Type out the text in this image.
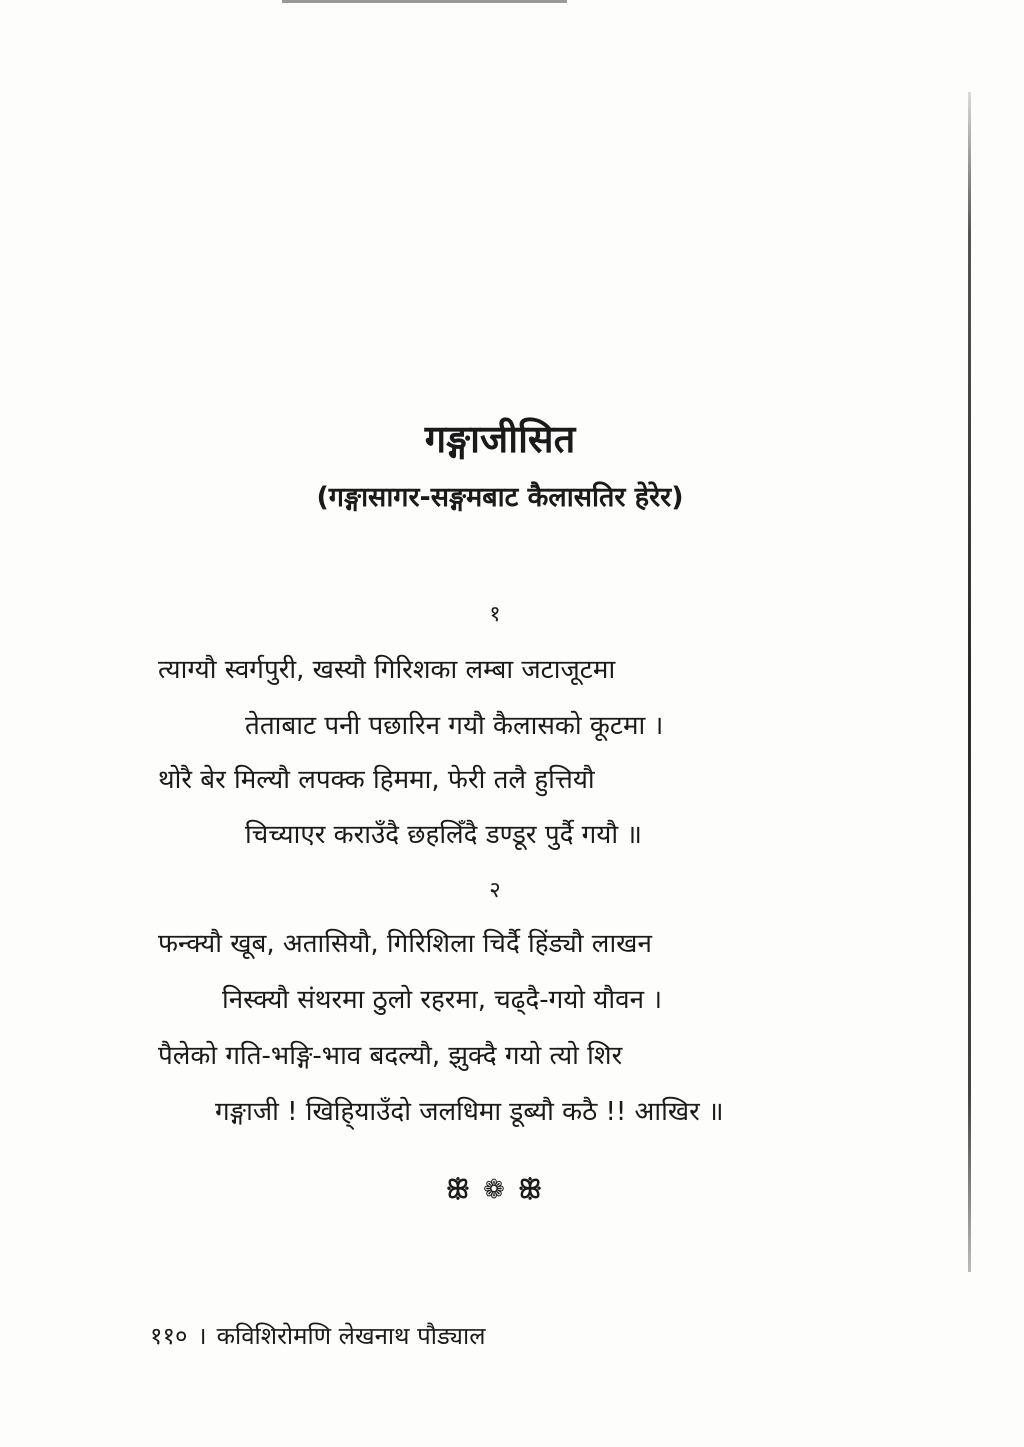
गङ्गाजीसित
(गङ्गासागर-सङ्गमबाट कैलासतिर हेरेर)
१
त्याग्यौ स्वर्गपुरी, खस्यौ गिरिशका लम्बा जटाजूटमा
तेताबाट पनी पछारिन गयौ कैलासको कूटमा ।
थोरै बेर मिल्यौ लपक्क हिममा, फेरी तलै हुत्तियौ
चिच्याएर कराउँदै छहलिँदै डण्डूर पुर्दै गयौ ॥
२
फन्क्यौ खूब, अतासियौ, गिरिशिला चिर्दै हिंड्यौ लाखन
निस्क्यौ संथरमा ठुलो रहरमा, चढ्दै-गयो यौवन ।
पैलेको गति-भङ्गि-भाव बदल्यौ, झुक्दै गयो त्यो शिर
गङ्गाजी ! खिहि्याउँदो जलधिमा डूब्यौ कठै !! आखिर ॥
ꕥ ❁ ꕥ
११० । कविशिरोमणि लेखनाथ पौड्याल
